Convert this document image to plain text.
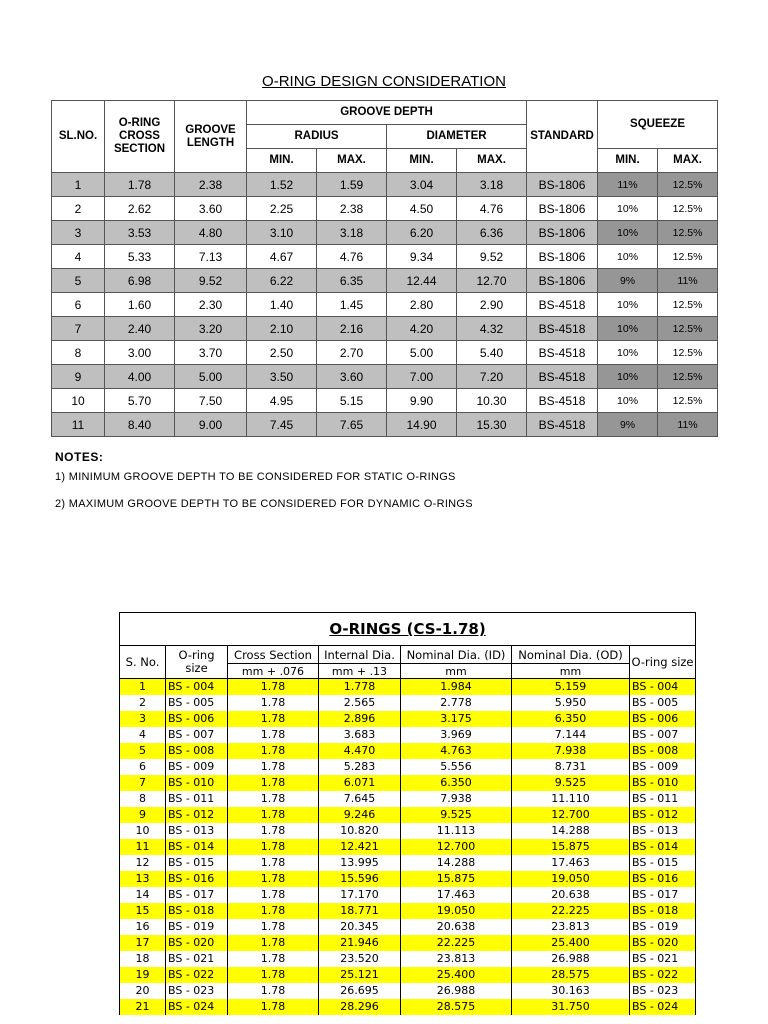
O-RING DESIGN CONSIDERATION
SL.NO.	O-RING CROSS SECTION	GROOVE LENGTH	GROOVE DEPTH				STANDARD	SQUEEZE	
			RADIUS		DIAMETER				
			MIN.	MAX.	MIN.	MAX.		MIN.	MAX.
1	1.78	2.38	1.52	1.59	3.04	3.18	BS-1806	11%	12.5%
2	2.62	3.60	2.25	2.38	4.50	4.76	BS-1806	10%	12.5%
3	3.53	4.80	3.10	3.18	6.20	6.36	BS-1806	10%	12.5%
4	5.33	7.13	4.67	4.76	9.34	9.52	BS-1806	10%	12.5%
5	6.98	9.52	6.22	6.35	12.44	12.70	BS-1806	9%	11%
6	1.60	2.30	1.40	1.45	2.80	2.90	BS-4518	10%	12.5%
7	2.40	3.20	2.10	2.16	4.20	4.32	BS-4518	10%	12.5%
8	3.00	3.70	2.50	2.70	5.00	5.40	BS-4518	10%	12.5%
9	4.00	5.00	3.50	3.60	7.00	7.20	BS-4518	10%	12.5%
10	5.70	7.50	4.95	5.15	9.90	10.30	BS-4518	10%	12.5%
11	8.40	9.00	7.45	7.65	14.90	15.30	BS-4518	9%	11%
NOTES:
1) MINIMUM GROOVE DEPTH TO BE CONSIDERED FOR STATIC O-RINGS
2) MAXIMUM GROOVE DEPTH TO BE CONSIDERED FOR DYNAMIC O-RINGS
O-RINGS (CS-1.78)						
S. No.	O-ring size	Cross Section	Internal Dia.	Nominal Dia. (ID)	Nominal Dia. (OD)	O-ring size
		mm + .076	mm + .13	mm	mm	
1	BS - 004	1.78	1.778	1.984	5.159	BS - 004
2	BS - 005	1.78	2.565	2.778	5.950	BS - 005
3	BS - 006	1.78	2.896	3.175	6.350	BS - 006
4	BS - 007	1.78	3.683	3.969	7.144	BS - 007
5	BS - 008	1.78	4.470	4.763	7.938	BS - 008
6	BS - 009	1.78	5.283	5.556	8.731	BS - 009
7	BS - 010	1.78	6.071	6.350	9.525	BS - 010
8	BS - 011	1.78	7.645	7.938	11.110	BS - 011
9	BS - 012	1.78	9.246	9.525	12.700	BS - 012
10	BS - 013	1.78	10.820	11.113	14.288	BS - 013
11	BS - 014	1.78	12.421	12.700	15.875	BS - 014
12	BS - 015	1.78	13.995	14.288	17.463	BS - 015
13	BS - 016	1.78	15.596	15.875	19.050	BS - 016
14	BS - 017	1.78	17.170	17.463	20.638	BS - 017
15	BS - 018	1.78	18.771	19.050	22.225	BS - 018
16	BS - 019	1.78	20.345	20.638	23.813	BS - 019
17	BS - 020	1.78	21.946	22.225	25.400	BS - 020
18	BS - 021	1.78	23.520	23.813	26.988	BS - 021
19	BS - 022	1.78	25.121	25.400	28.575	BS - 022
20	BS - 023	1.78	26.695	26.988	30.163	BS - 023
21	BS - 024	1.78	28.296	28.575	31.750	BS - 024
